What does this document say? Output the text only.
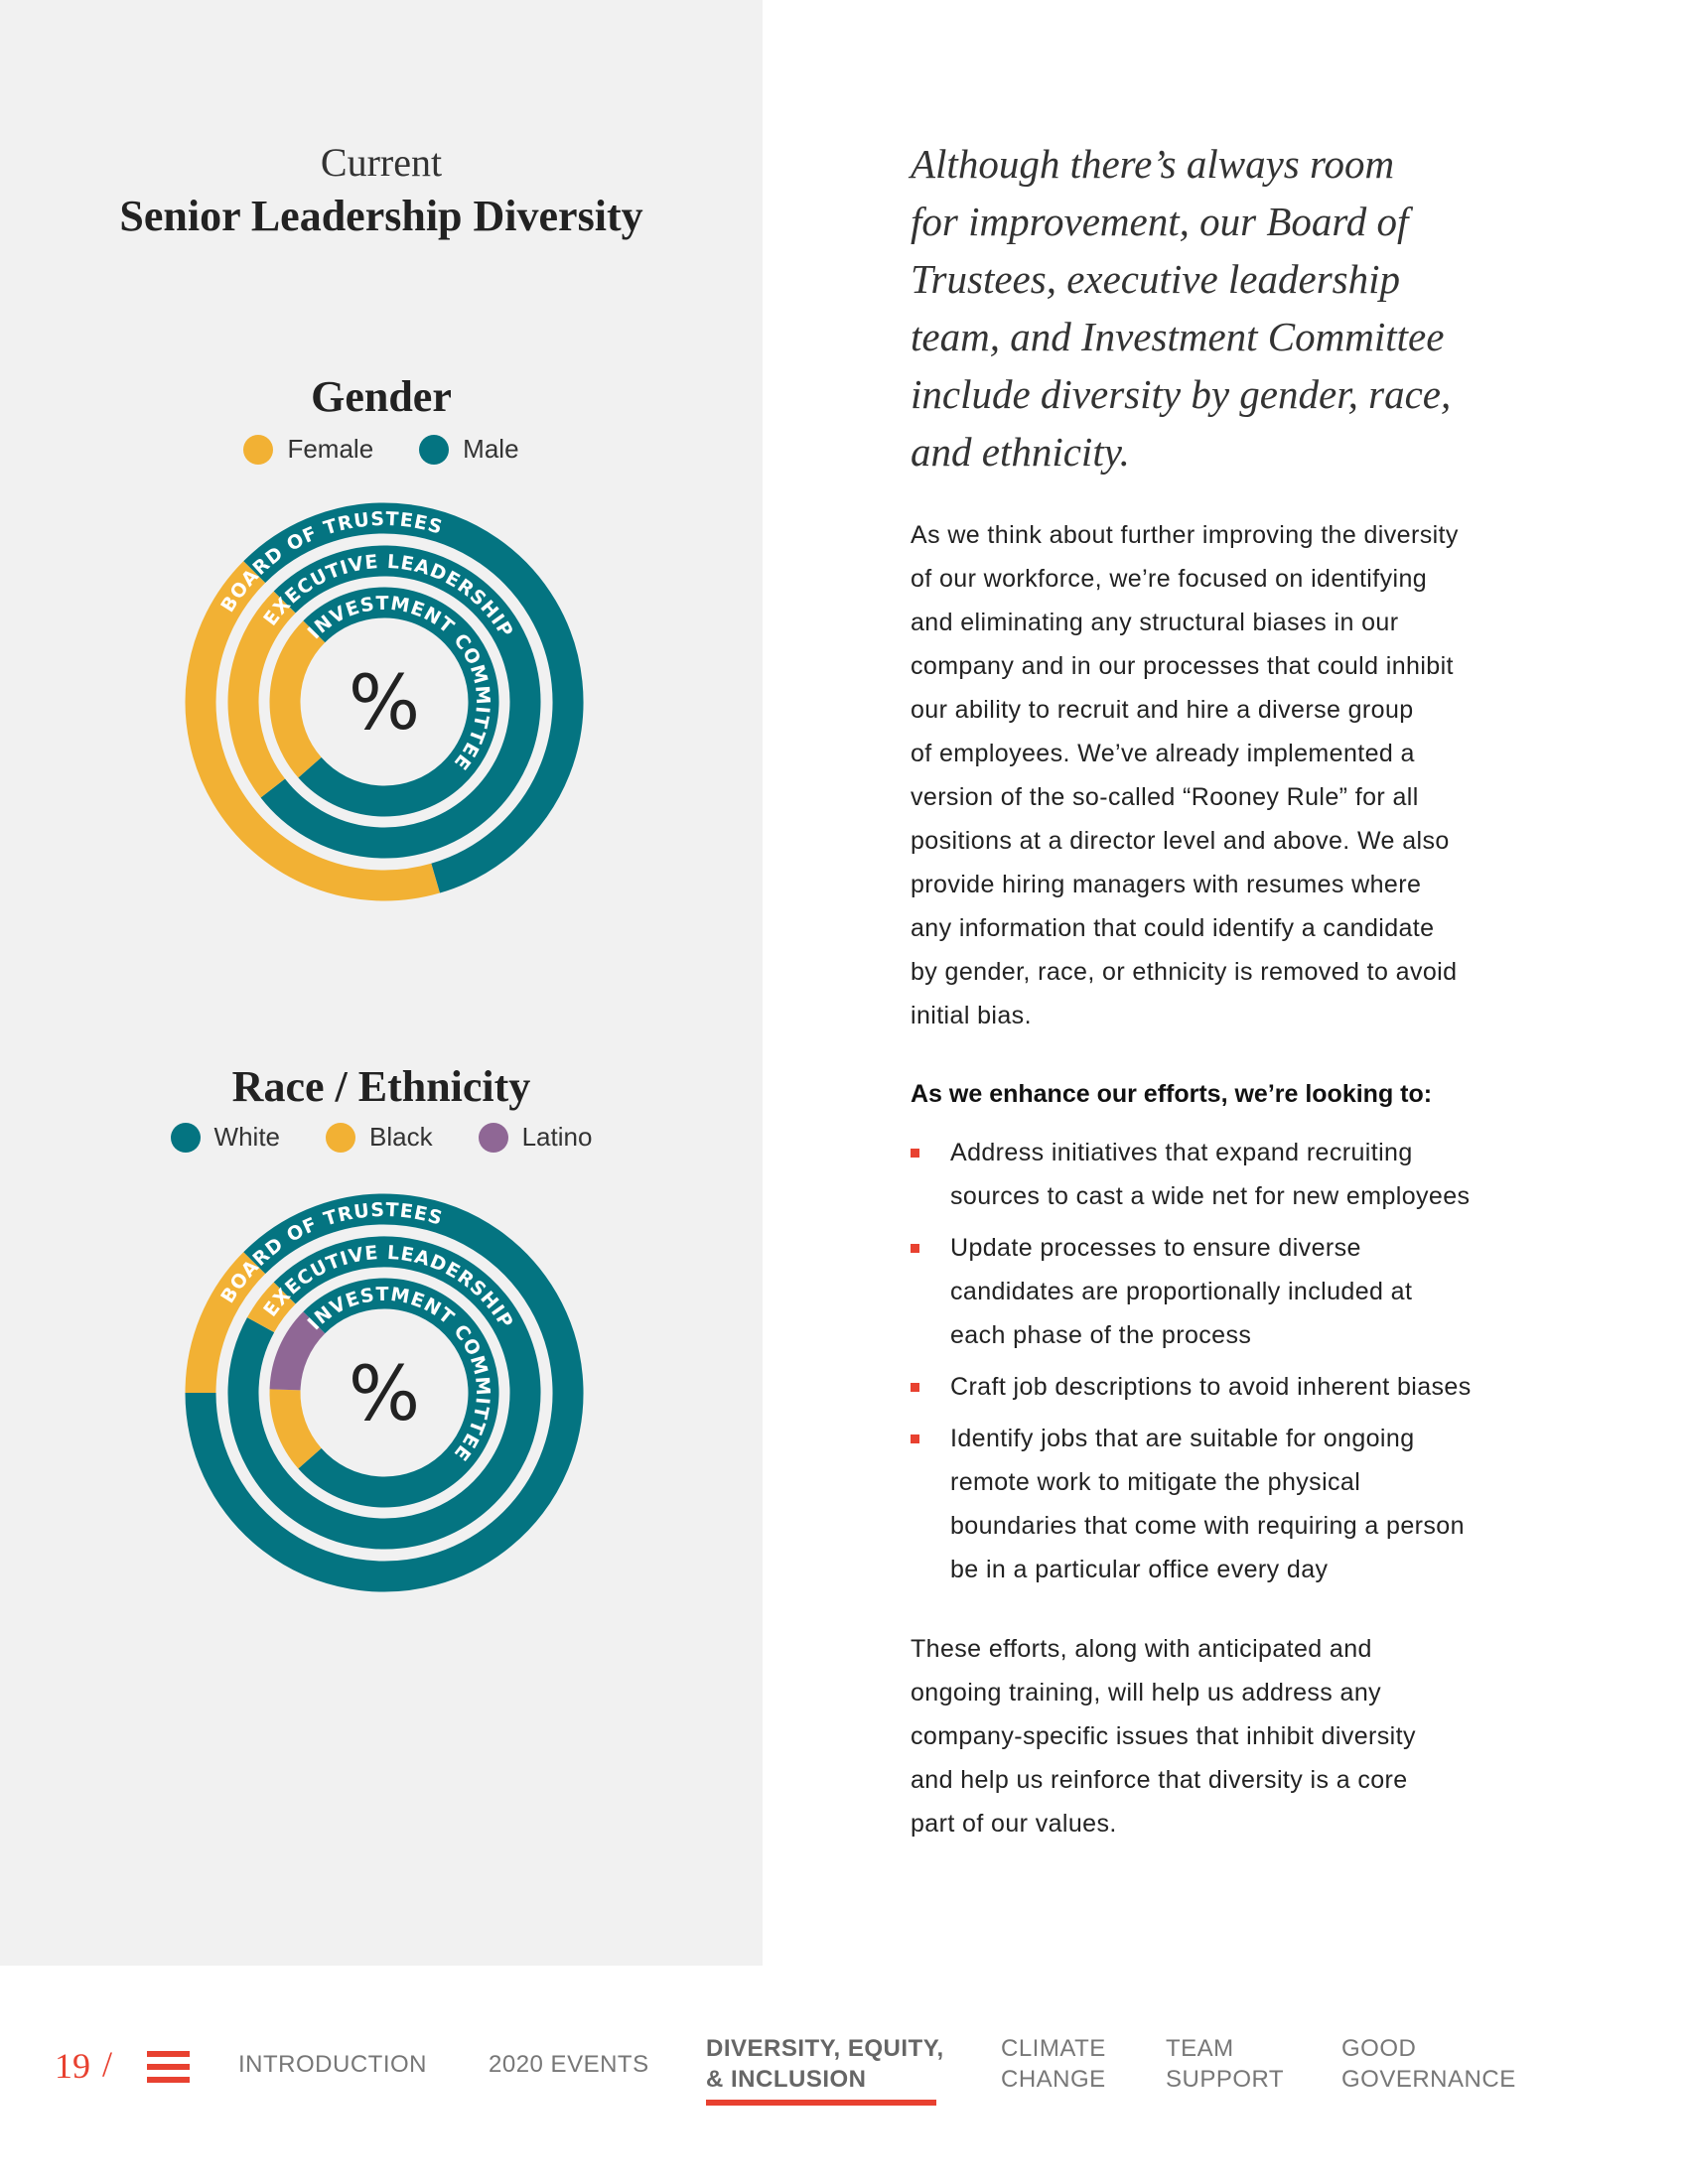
Current
Senior Leadership Diversity
Gender
Female	Male
BOARD OF TRUSTEES
EXECUTIVE LEADERSHIP
INVESTMENT COMMITTEE
%
Race / Ethnicity
White	Black	Latino
BOARD OF TRUSTEES
EXECUTIVE LEADERSHIP
INVESTMENT COMMITTEE
%
Although there’s always room
for improvement, our Board of
Trustees, executive leadership
team, and Investment Committee
include diversity by gender, race,
and ethnicity.
As we think about further improving the diversity
of our workforce, we’re focused on identifying
and eliminating any structural biases in our
company and in our processes that could inhibit
our ability to recruit and hire a diverse group
of employees. We’ve already implemented a
version of the so-called “Rooney Rule” for all
positions at a director level and above. We also
provide hiring managers with resumes where
any information that could identify a candidate
by gender, race, or ethnicity is removed to avoid
initial bias.
As we enhance our efforts, we’re looking to:
Address initiatives that expand recruiting
sources to cast a wide net for new employees
Update processes to ensure diverse
candidates are proportionally included at
each phase of the process
Craft job descriptions to avoid inherent biases
Identify jobs that are suitable for ongoing
remote work to mitigate the physical
boundaries that come with requiring a person
be in a particular office every day
These efforts, along with anticipated and
ongoing training, will help us address any
company-specific issues that inhibit diversity
and help us reinforce that diversity is a core
part of our values.
19 /	INTRODUCTION	2020 EVENTS
DIVERSITY, EQUITY,
& INCLUSION
CLIMATE
CHANGE
TEAM
SUPPORT
GOOD
GOVERNANCE
